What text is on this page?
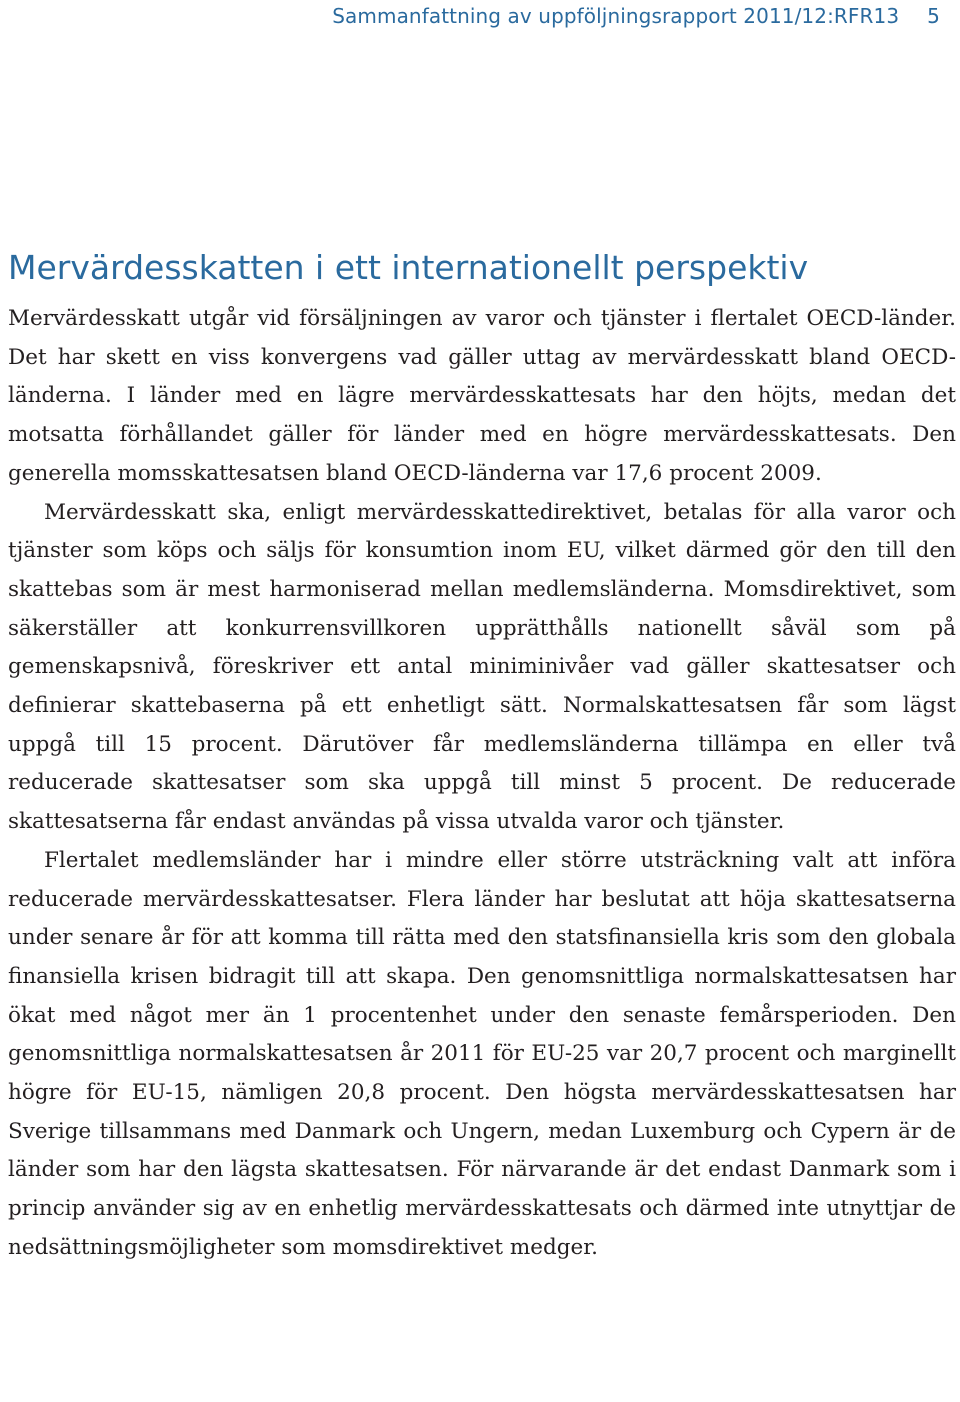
Sammanfattning av uppföljningsrapport 2011/12:RFR13 5
Mervärdesskatten i ett internationellt perspektiv

Mervärdesskatt utgår vid försäljningen av varor och tjänster i flertalet OECD-länder. Det har skett en viss konvergens vad gäller uttag av mervärdesskatt bland OECD-länderna. I länder med en lägre mervärdesskattesats har den höjts, medan det motsatta förhållandet gäller för länder med en högre mervärdesskattesats. Den generella momsskattesatsen bland OECD-länderna var 17,6 procent 2009.

Mervärdesskatt ska, enligt mervärdesskattedirektivet, betalas för alla varor och tjänster som köps och säljs för konsumtion inom EU, vilket därmed gör den till den skattebas som är mest harmoniserad mellan medlemsländerna. Momsdirektivet, som säkerställer att konkurrensvillkoren upprätthålls nationellt såväl som på gemenskapsnivå, föreskriver ett antal miniminivåer vad gäller skattesatser och definierar skattebaserna på ett enhetligt sätt. Normalskattesatsen får som lägst uppgå till 15 procent. Därutöver får medlemsländerna tillämpa en eller två reducerade skattesatser som ska uppgå till minst 5 procent. De reducerade skattesatserna får endast användas på vissa utvalda varor och tjänster.

Flertalet medlemsländer har i mindre eller större utsträckning valt att införa reducerade mervärdesskattesatser. Flera länder har beslutat att höja skattesatserna under senare år för att komma till rätta med den statsfinansiella kris som den globala finansiella krisen bidragit till att skapa. Den genomsnittliga normalskattesatsen har ökat med något mer än 1 procentenhet under den senaste femårsperioden. Den genomsnittliga normalskattesatsen år 2011 för EU-25 var 20,7 procent och marginellt högre för EU-15, nämligen 20,8 procent. Den högsta mervärdesskattesatsen har Sverige tillsammans med Danmark och Ungern, medan Luxemburg och Cypern är de länder som har den lägsta skattesatsen. För närvarande är det endast Danmark som i princip använder sig av en enhetlig mervärdesskattesats och därmed inte utnyttjar de nedsättningsmöjligheter som momsdirektivet medger.
